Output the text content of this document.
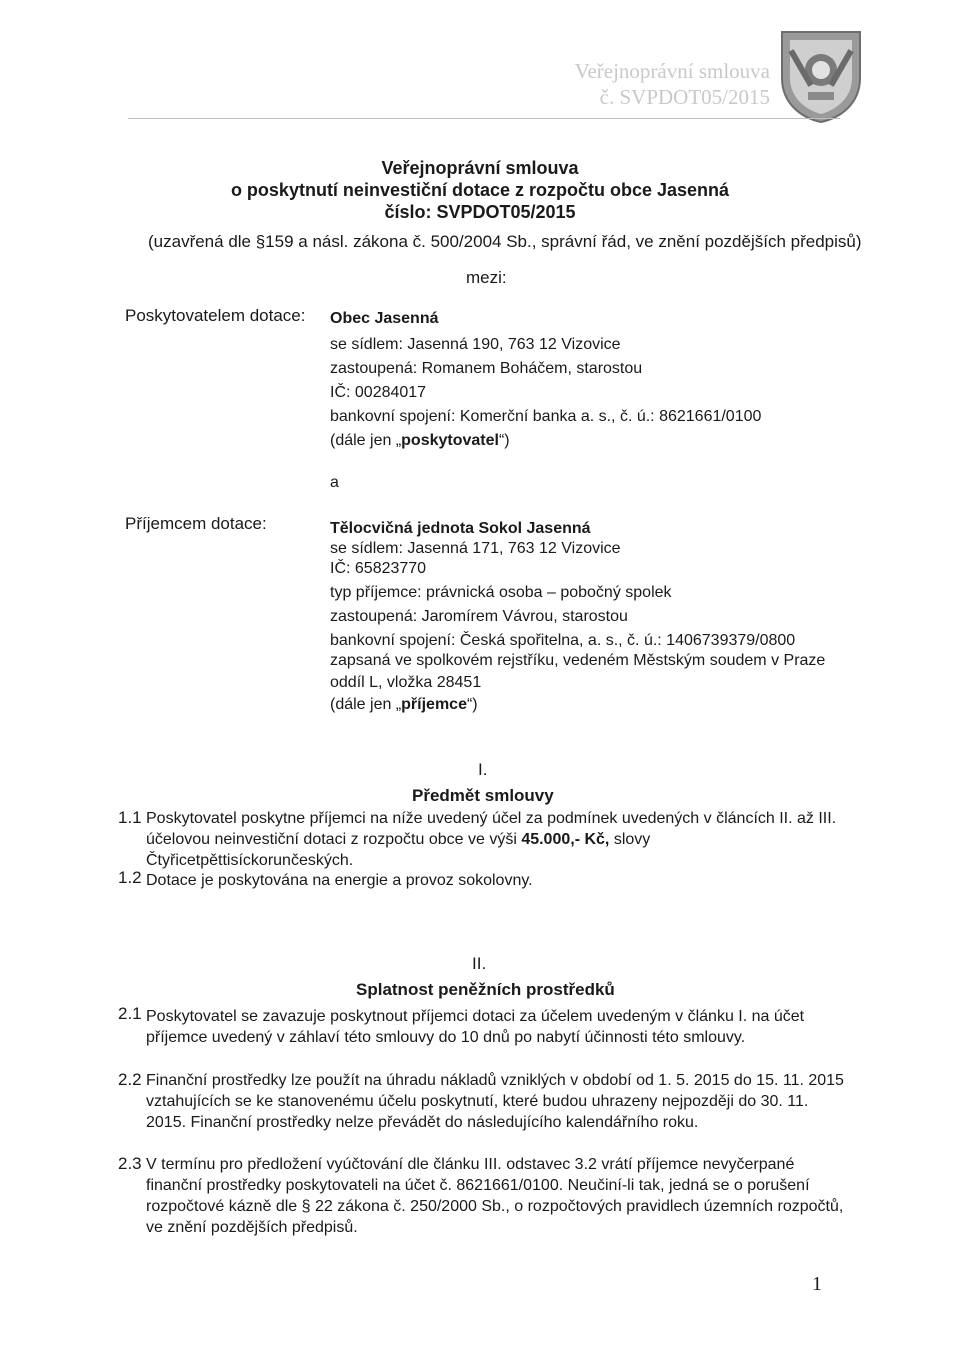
Veřejnoprávní smlouva
č. SVPDOT05/2015
Veřejnoprávní smlouva
o poskytnutí neinvestiční dotace z rozpočtu obce Jasenná
číslo: SVPDOT05/2015
(uzavřená dle §159 a násl. zákona č. 500/2004 Sb., správní řád, ve znění pozdějších předpisů)
mezi:
Poskytovatelem dotace: Obec Jasenná
se sídlem: Jasenná 190, 763 12 Vizovice
zastoupená: Romanem Boháčem, starostou
IČ: 00284017
bankovní spojení: Komerční banka a. s., č. ú.: 8621661/0100
(dále jen „poskytovatel“)
a
Příjemcem dotace:	Tělocvičná jednota Sokol Jasenná
se sídlem: Jasenná 171, 763 12 Vizovice
IČ: 65823770
typ příjemce: právnická osoba – pobočný spolek
zastoupená: Jaromírem Vávrou, starostou
bankovní spojení: Česká spořitelna, a. s., č. ú.: 1406739379/0800
zapsaná ve spolkovém rejstříku, vedeném Městským soudem v Praze
oddíl L, vložka 28451
(dále jen „příjemce“)
I.
Předmět smlouvy
1.1 Poskytovatel poskytne příjemci na níže uvedený účel za podmínek uvedených v článcích II. až III. účelovou neinvestiční dotaci z rozpočtu obce ve výši 45.000,- Kč, slovy Čtyřicetpěttisíckorunčeských.
1.2 Dotace je poskytována na energie a provoz sokolovny.
II.
Splatnost peněžních prostředků
2.1 Poskytovatel se zavazuje poskytnout příjemci dotaci za účelem uvedeným v článku I. na účet příjemce uvedený v záhlaví této smlouvy do 10 dnů po nabytí účinnosti této smlouvy.
2.2 Finanční prostředky lze použít na úhradu nákladů vzniklých v období od 1. 5. 2015 do 15. 11. 2015 vztahujících se ke stanovenému účelu poskytnutí, které budou uhrazeny nejpozději do 30. 11. 2015. Finanční prostředky nelze převádět do následujícího kalendářního roku.
2.3 V termínu pro předložení vyúčtování dle článku III. odstavec 3.2 vrátí příjemce nevyčerpané finanční prostředky poskytovateli na účet č. 8621661/0100. Neučiní-li tak, jedná se o porušení rozpočtové kázně dle § 22 zákona č. 250/2000 Sb., o rozpočtových pravidlech územních rozpočtů, ve znění pozdějších předpisů.
1
